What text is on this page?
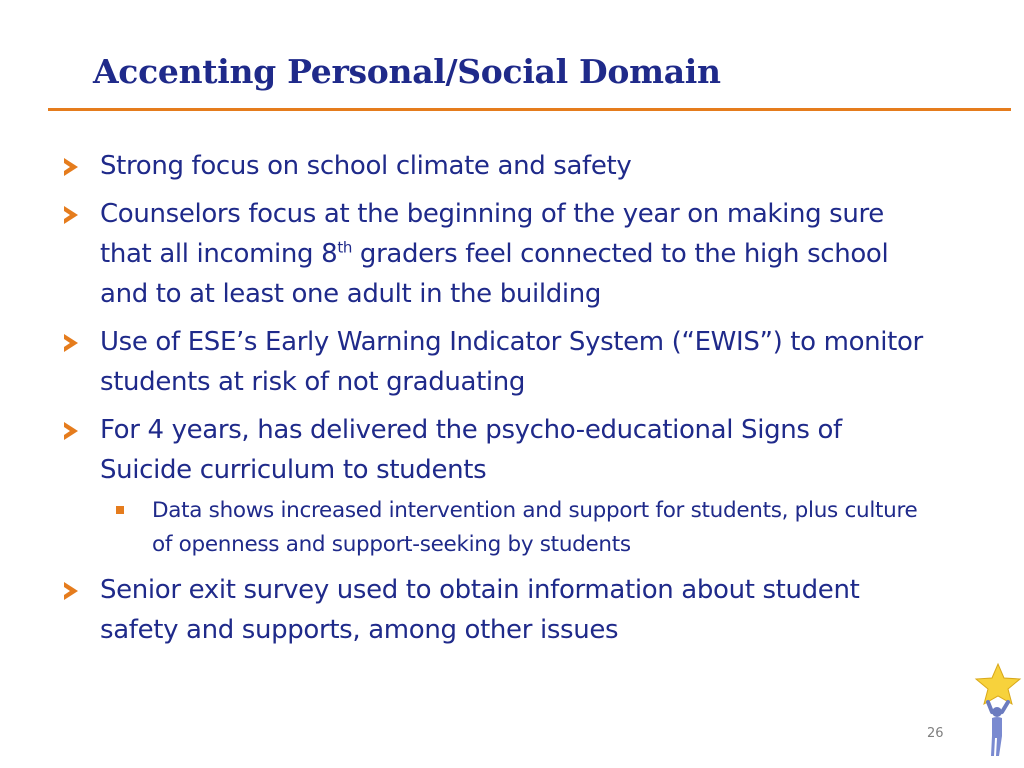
Accenting Personal/Social Domain
Strong focus on school climate and safety
Counselors focus at the beginning of the year on making sure that all incoming 8th graders feel connected to the high school and to at least one adult in the building
Use of ESE’s Early Warning Indicator System (“EWIS”) to monitor students at risk of not graduating
For 4 years, has delivered the psycho-educational Signs of Suicide curriculum to students
Data shows increased intervention and support for students, plus culture of openness and support-seeking by students
Senior exit survey used to obtain information about student safety and supports, among other issues
26
